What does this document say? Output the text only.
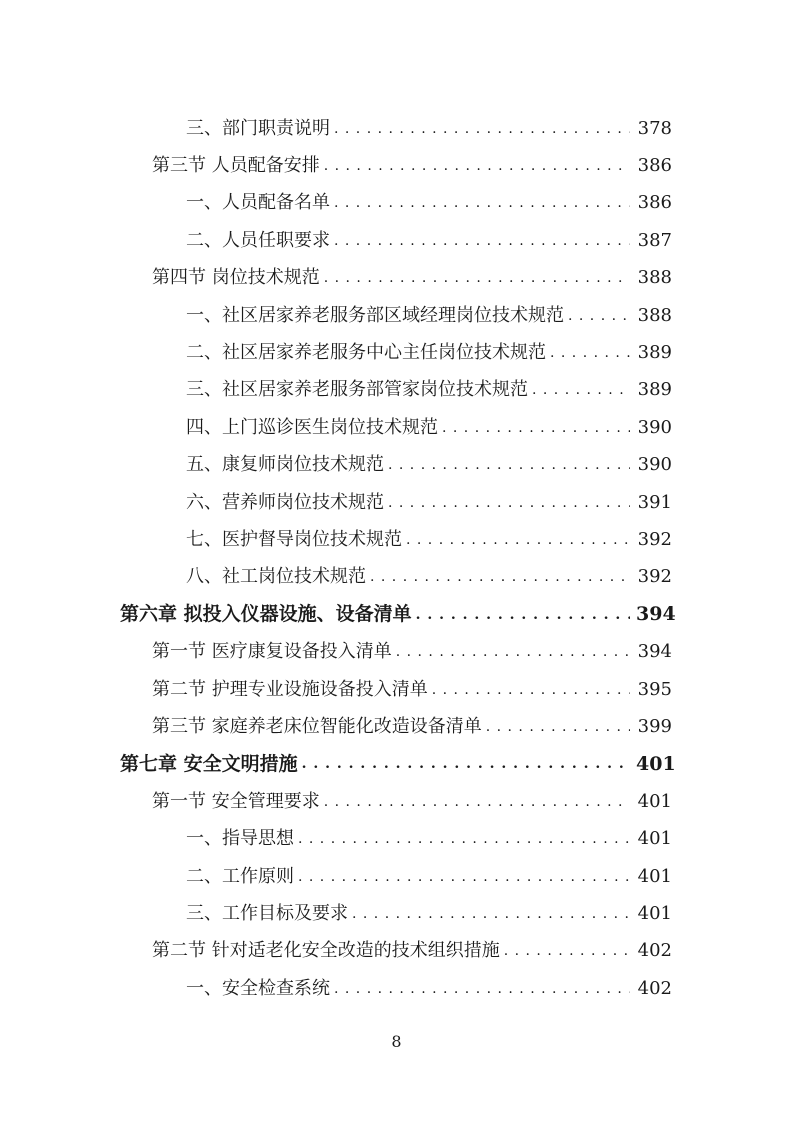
三、部门职责说明 . . .	378
第三节 人员配备安排 . . .	386
一、人员配备名单 . . .	386
二、人员任职要求 . . .	387
第四节 岗位技术规范 . . .	388
一、社区居家养老服务部区域经理岗位技术规范 . . .	388
二、社区居家养老服务中心主任岗位技术规范 . . .	389
三、社区居家养老服务部管家岗位技术规范 . . .	389
四、上门巡诊医生岗位技术规范 . . .	390
五、康复师岗位技术规范 . . .	390
六、营养师岗位技术规范 . . .	391
七、医护督导岗位技术规范 . . .	392
八、社工岗位技术规范 . . .	392
第六章 拟投入仪器设施、设备清单 . . .	394
第一节 医疗康复设备投入清单 . . .	394
第二节 护理专业设施设备投入清单 . . .	395
第三节 家庭养老床位智能化改造设备清单 . . .	399
第七章 安全文明措施 . . .	401
第一节 安全管理要求 . . .	401
一、指导思想 . . .	401
二、工作原则 . . .	401
三、工作目标及要求 . . .	401
第二节 针对适老化安全改造的技术组织措施 . . .	402
一、安全检查系统 . . .	402
8
